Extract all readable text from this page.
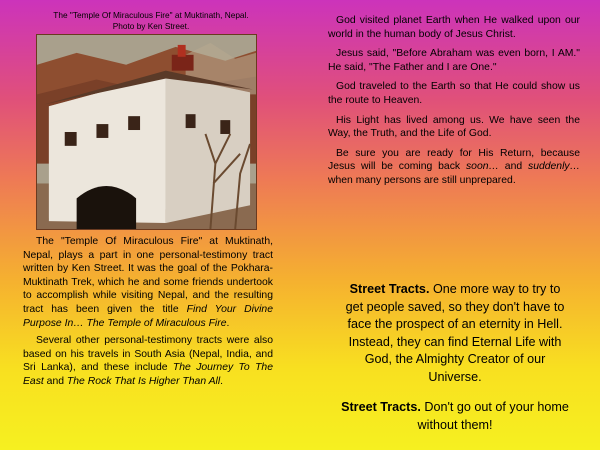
The "Temple Of Miraculous Fire" at Muktinath, Nepal.
Photo by Ken Street.

The "Temple Of Miraculous Fire" at Muktinath, Nepal, plays a part in one personal-testimony tract written by Ken Street. It was the goal of the Pokhara-Muktinath Trek, which he and some friends undertook to accomplish while visiting Nepal, and the resulting tract has been given the title Find Your Divine Purpose In… The Temple of Miraculous Fire.

Several other personal-testimony tracts were also based on his travels in South Asia (Nepal, India, and Sri Lanka), and these include The Journey To The East and The Rock That Is Higher Than All.

God visited planet Earth when He walked upon our world in the human body of Jesus Christ.

Jesus said, "Before Abraham was even born, I AM." He said, "The Father and I are One."

God traveled to the Earth so that He could show us the route to Heaven.

His Light has lived among us. We have seen the Way, the Truth, and the Life of God.

Be sure you are ready for His Return, because Jesus will be coming back soon… and suddenly… when many persons are still unprepared.

Street Tracts. One more way to try to get people saved, so they don't have to face the prospect of an eternity in Hell. Instead, they can find Eternal Life with God, the Almighty Creator of our Universe.

Street Tracts. Don't go out of your home without them!
